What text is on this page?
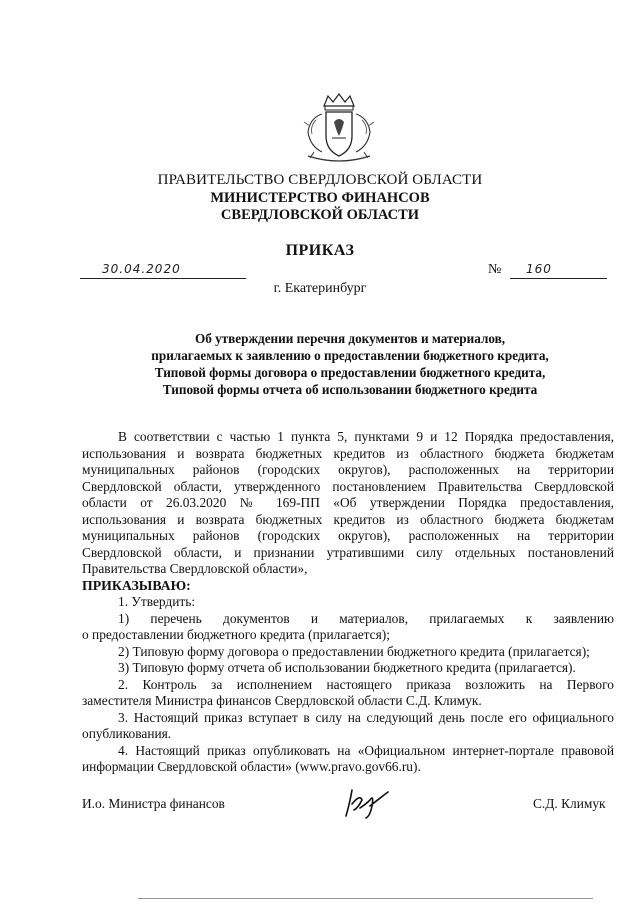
ПРАВИТЕЛЬСТВО СВЕРДЛОВСКОЙ ОБЛАСТИ
МИНИСТЕРСТВО ФИНАНСОВ
СВЕРДЛОВСКОЙ ОБЛАСТИ
ПРИКАЗ
30.04.2020	№ 160
г. Екатеринбург
Об утверждении перечня документов и материалов,
прилагаемых к заявлению о предоставлении бюджетного кредита,
Типовой формы договора о предоставлении бюджетного кредита,
Типовой формы отчета об использовании бюджетного кредита
В соответствии с частью 1 пункта 5, пунктами 9 и 12 Порядка предоставления,
использования и возврата бюджетных кредитов из областного бюджета бюджетам
муниципальных районов (городских округов), расположенных на территории
Свердловской области, утвержденного постановлением Правительства Свердловской
области от 26.03.2020 № 169-ПП «Об утверждении Порядка предоставления,
использования и возврата бюджетных кредитов из областного бюджета бюджетам
муниципальных районов (городских округов), расположенных на территории
Свердловской области, и признании утратившими силу отдельных постановлений
Правительства Свердловской области»,
ПРИКАЗЫВАЮ:
1. Утвердить:
1) перечень документов и материалов, прилагаемых к заявлению
о предоставлении бюджетного кредита (прилагается);
2) Типовую форму договора о предоставлении бюджетного кредита (прилагается);
3) Типовую форму отчета об использовании бюджетного кредита (прилагается).
2. Контроль за исполнением настоящего приказа возложить на Первого
заместителя Министра финансов Свердловской области С.Д. Климук.
3. Настоящий приказ вступает в силу на следующий день после его официального
опубликования.
4. Настоящий приказ опубликовать на «Официальном интернет-портале правовой
информации Свердловской области» (www.pravo.gov66.ru).
И.о. Министра финансов	С.Д. Климук
